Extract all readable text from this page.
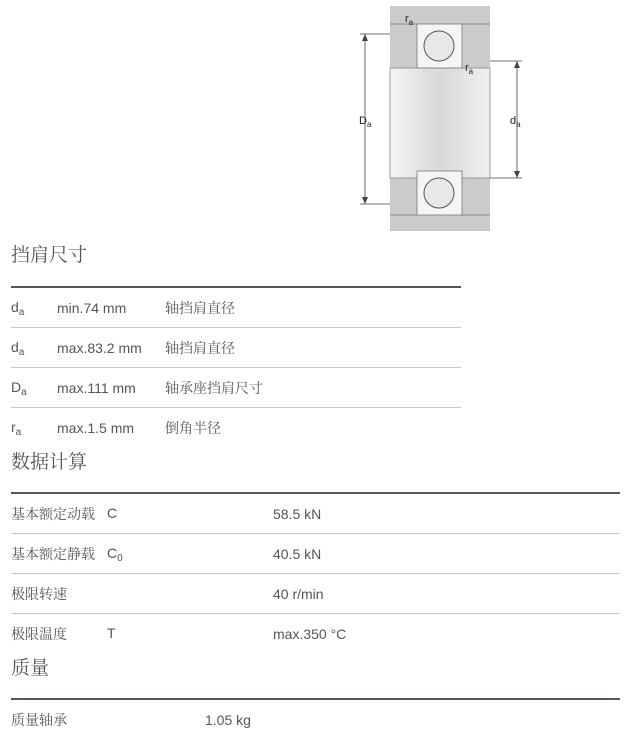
$r_a$
$r_a$
$D_a$	$d_a$
挡肩尺寸
$d_a$ min.74 mm	轴挡肩直径
$d_a$ max.83.2 mm 轴挡肩直径
$D_a$ max.111 mm 轴承座挡肩尺寸
$r_a$	max.1.5 mm 倒角半径
数据计算
基本额定动载 C	58.5 kN
基本额定静载 $C_0$	40.5 kN
极限转速	40 r/min
极限温度	T	max.350 °C
质量
质量轴承	1.05 kg
